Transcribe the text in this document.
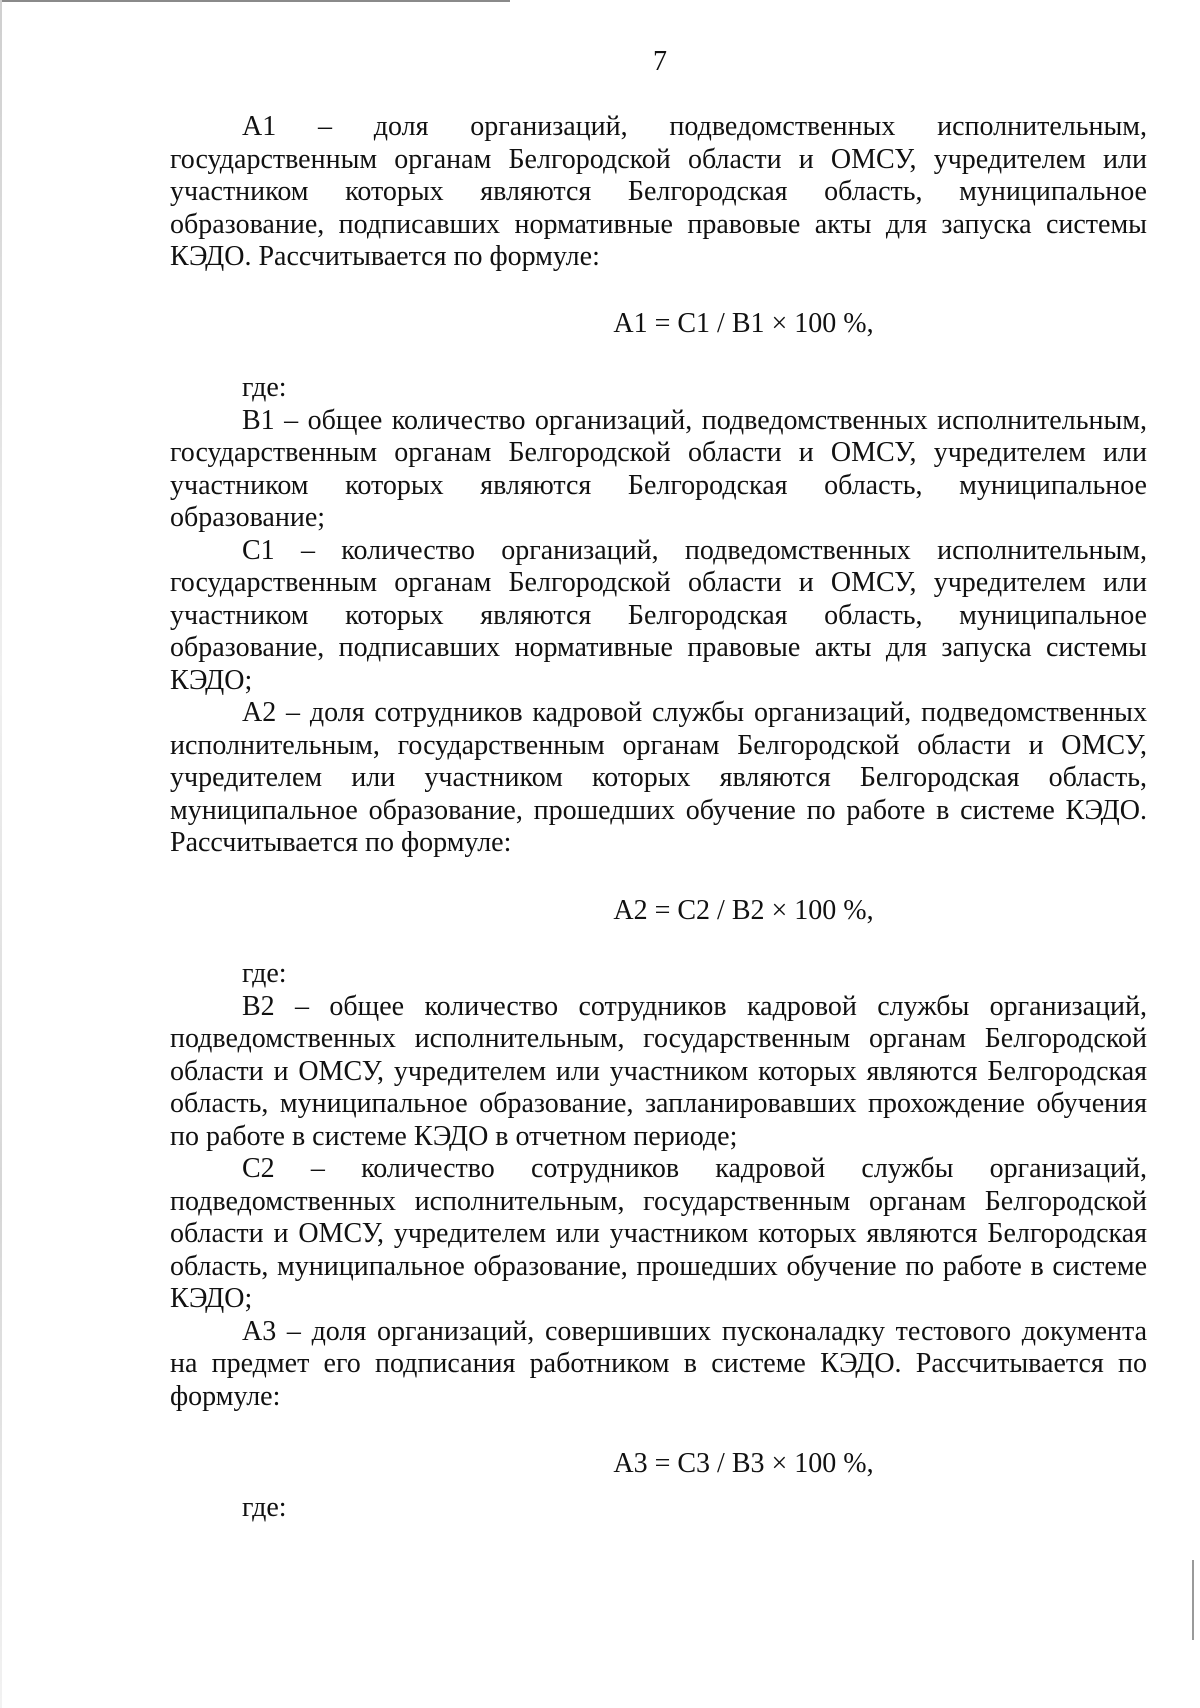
7

А1 – доля организаций, подведомственных исполнительным, государственным органам Белгородской области и ОМСУ, учредителем или участником которых являются Белгородская область, муниципальное образование, подписавших нормативные правовые акты для запуска системы КЭДО. Рассчитывается по формуле:

А1 = С1 / В1 × 100 %,

где:

В1 – общее количество организаций, подведомственных исполнительным, государственным органам Белгородской области и ОМСУ, учредителем или участником которых являются Белгородская область, муниципальное образование;

С1 – количество организаций, подведомственных исполнительным, государственным органам Белгородской области и ОМСУ, учредителем или участником которых являются Белгородская область, муниципальное образование, подписавших нормативные правовые акты для запуска системы КЭДО;

А2 – доля сотрудников кадровой службы организаций, подведомственных исполнительным, государственным органам Белгородской области и ОМСУ, учредителем или участником которых являются Белгородская область, муниципальное образование, прошедших обучение по работе в системе КЭДО. Рассчитывается по формуле:

А2 = С2 / В2 × 100 %,

где:

В2 – общее количество сотрудников кадровой службы организаций, подведомственных исполнительным, государственным органам Белгородской области и ОМСУ, учредителем или участником которых являются Белгородская область, муниципальное образование, запланировавших прохождение обучения по работе в системе КЭДО в отчетном периоде;

С2 – количество сотрудников кадровой службы организаций, подведомственных исполнительным, государственным органам Белгородской области и ОМСУ, учредителем или участником которых являются Белгородская область, муниципальное образование, прошедших обучение по работе в системе КЭДО;

А3 – доля организаций, совершивших пусконаладку тестового документа на предмет его подписания работником в системе КЭДО. Рассчитывается по формуле:

А3 = С3 / В3 × 100 %,

где:
